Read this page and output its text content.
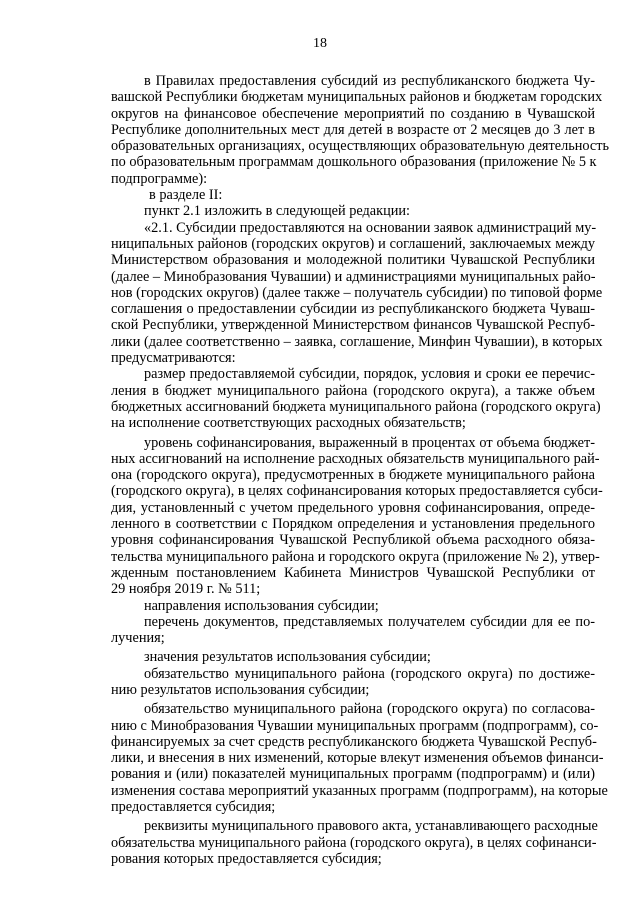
18
в Правилах предоставления субсидий из республиканского бюджета Чу-
вашской Республики бюджетам муниципальных районов и бюджетам городских
округов на финансовое обеспечение мероприятий по созданию в Чувашской
Республике дополнительных мест для детей в возрасте от 2 месяцев до 3 лет в
образовательных организациях, осуществляющих образовательную деятельность
по образовательным программам дошкольного образования (приложение № 5 к
подпрограмме):
в разделе II:
пункт 2.1 изложить в следующей редакции:
«2.1. Субсидии предоставляются на основании заявок администраций му-
ниципальных районов (городских округов) и соглашений, заключаемых между
Министерством образования и молодежной политики Чувашской Республики
(далее – Минобразования Чувашии) и администрациями муниципальных райо-
нов (городских округов) (далее также – получатель субсидии) по типовой форме
соглашения о предоставлении субсидии из республиканского бюджета Чуваш-
ской Республики, утвержденной Министерством финансов Чувашской Респуб-
лики (далее соответственно – заявка, соглашение, Минфин Чувашии), в которых
предусматриваются:
размер предоставляемой субсидии, порядок, условия и сроки ее перечис-
ления в бюджет муниципального района (городского округа), а также объем
бюджетных ассигнований бюджета муниципального района (городского округа)
на исполнение соответствующих расходных обязательств;
уровень софинансирования, выраженный в процентах от объема бюджет-
ных ассигнований на исполнение расходных обязательств муниципального рай-
она (городского округа), предусмотренных в бюджете муниципального района
(городского округа), в целях софинансирования которых предоставляется субси-
дия, установленный с учетом предельного уровня софинансирования, опреде-
ленного в соответствии с Порядком определения и установления предельного
уровня софинансирования Чувашской Республикой объема расходного обяза-
тельства муниципального района и городского округа (приложение № 2), утвер-
жденным постановлением Кабинета Министров Чувашской Республики от
29 ноября 2019 г. № 511;
направления использования субсидии;
перечень документов, представляемых получателем субсидии для ее по-
лучения;
значения результатов использования субсидии;
обязательство муниципального района (городского округа) по достиже-
нию результатов использования субсидии;
обязательство муниципального района (городского округа) по согласова-
нию с Минобразования Чувашии муниципальных программ (подпрограмм), со-
финансируемых за счет средств республиканского бюджета Чувашской Респуб-
лики, и внесения в них изменений, которые влекут изменения объемов финанси-
рования и (или) показателей муниципальных программ (подпрограмм) и (или)
изменения состава мероприятий указанных программ (подпрограмм), на которые
предоставляется субсидия;
реквизиты муниципального правового акта, устанавливающего расходные
обязательства муниципального района (городского округа), в целях софинанси-
рования которых предоставляется субсидия;
